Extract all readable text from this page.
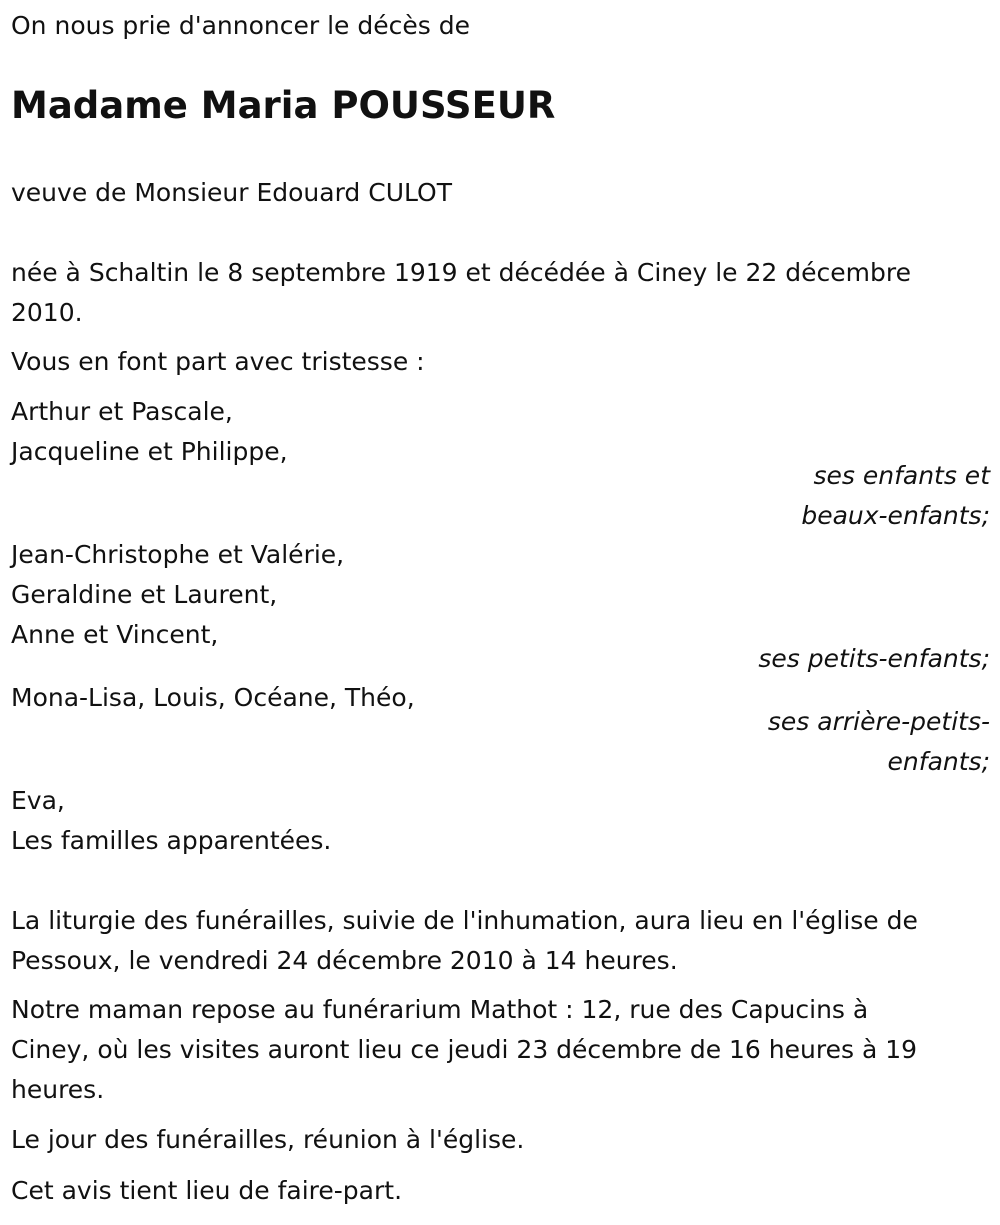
On nous prie d'annoncer le décès de
Madame Maria POUSSEUR
veuve de Monsieur Edouard CULOT
née à Schaltin le 8 septembre 1919 et décédée à Ciney le 22 décembre
2010.
Vous en font part avec tristesse :
Arthur et Pascale,
Jacqueline et Philippe,
ses enfants et
beaux-enfants;
Jean-Christophe et Valérie,
Geraldine et Laurent,
Anne et Vincent,
ses petits-enfants;
Mona-Lisa, Louis, Océane, Théo,
ses arrière-petits-
enfants;
Eva,
Les familles apparentées.
La liturgie des funérailles, suivie de l'inhumation, aura lieu en l'église de
Pessoux, le vendredi 24 décembre 2010 à 14 heures.
Notre maman repose au funérarium Mathot : 12, rue des Capucins à
Ciney, où les visites auront lieu ce jeudi 23 décembre de 16 heures à 19
heures.
Le jour des funérailles, réunion à l'église.
Cet avis tient lieu de faire-part.
